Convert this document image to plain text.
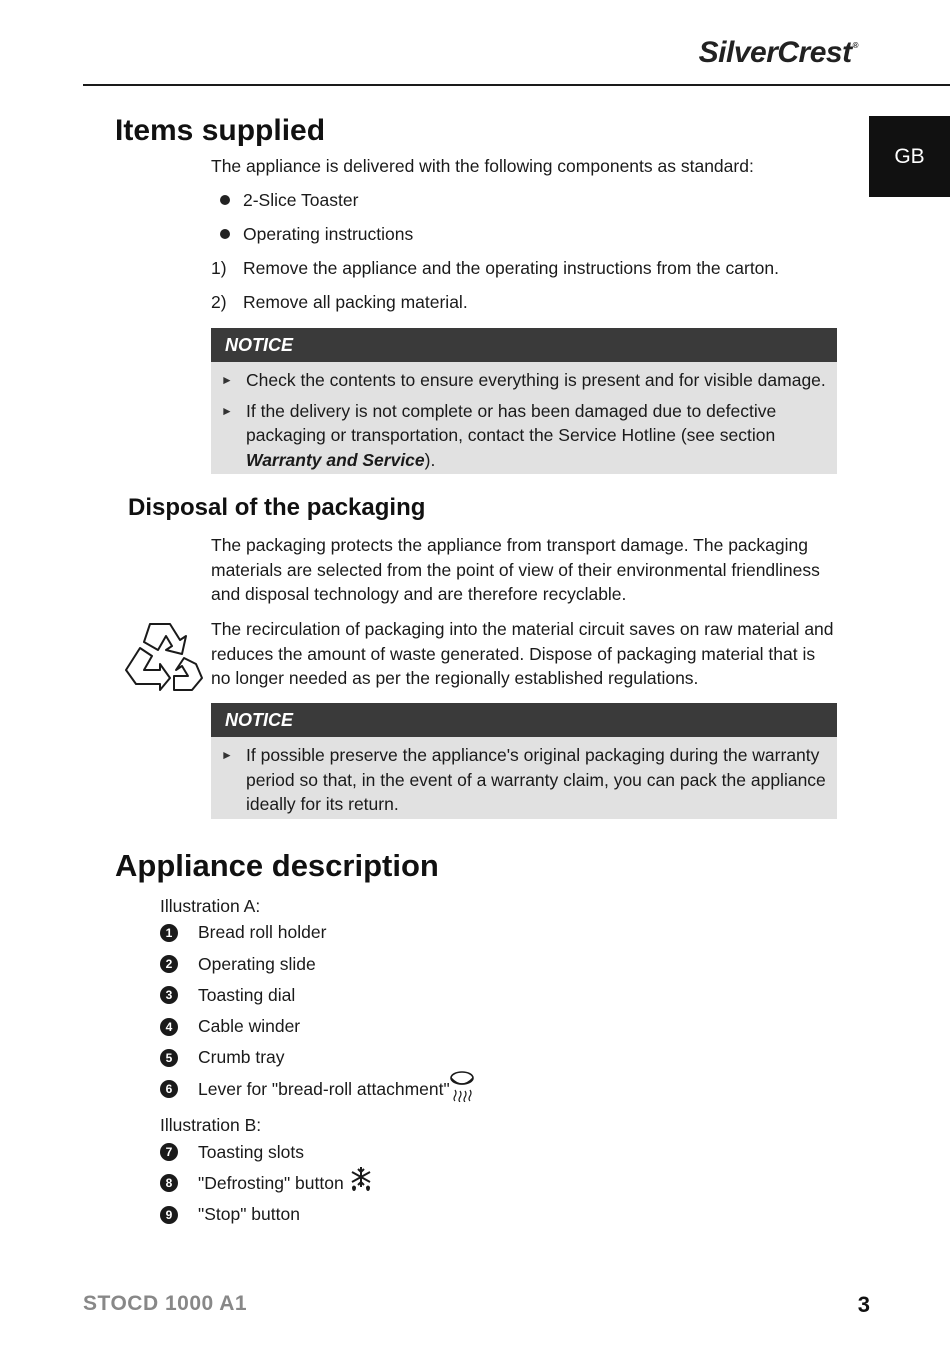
SilverCrest®
GB
Items supplied
The appliance is delivered with the following components as standard:
2-Slice Toaster
Operating instructions
1) Remove the appliance and the operating instructions from the carton.
2) Remove all packing material.
NOTICE
► Check the contents to ensure everything is present and for visible damage.
► If the delivery is not complete or has been damaged due to defective packaging or transportation, contact the Service Hotline (see section Warranty and Service).
Disposal of the packaging
The packaging protects the appliance from transport damage. The packaging materials are selected from the point of view of their environmental friendliness and disposal technology and are therefore recyclable.
The recirculation of packaging into the material circuit saves on raw material and reduces the amount of waste generated. Dispose of packaging material that is no longer needed as per the regionally established regulations.
NOTICE
► If possible preserve the appliance's original packaging during the warranty period so that, in the event of a warranty claim, you can pack the appliance ideally for its return.
Appliance description
Illustration A:
1	Bread roll holder
2	Operating slide
3	Toasting dial
4	Cable winder
5	Crumb tray
6	Lever for "bread-roll attachment"
Illustration B:
7	Toasting slots
8	"Defrosting" button
9	"Stop" button
STOCD 1000 A1	3
